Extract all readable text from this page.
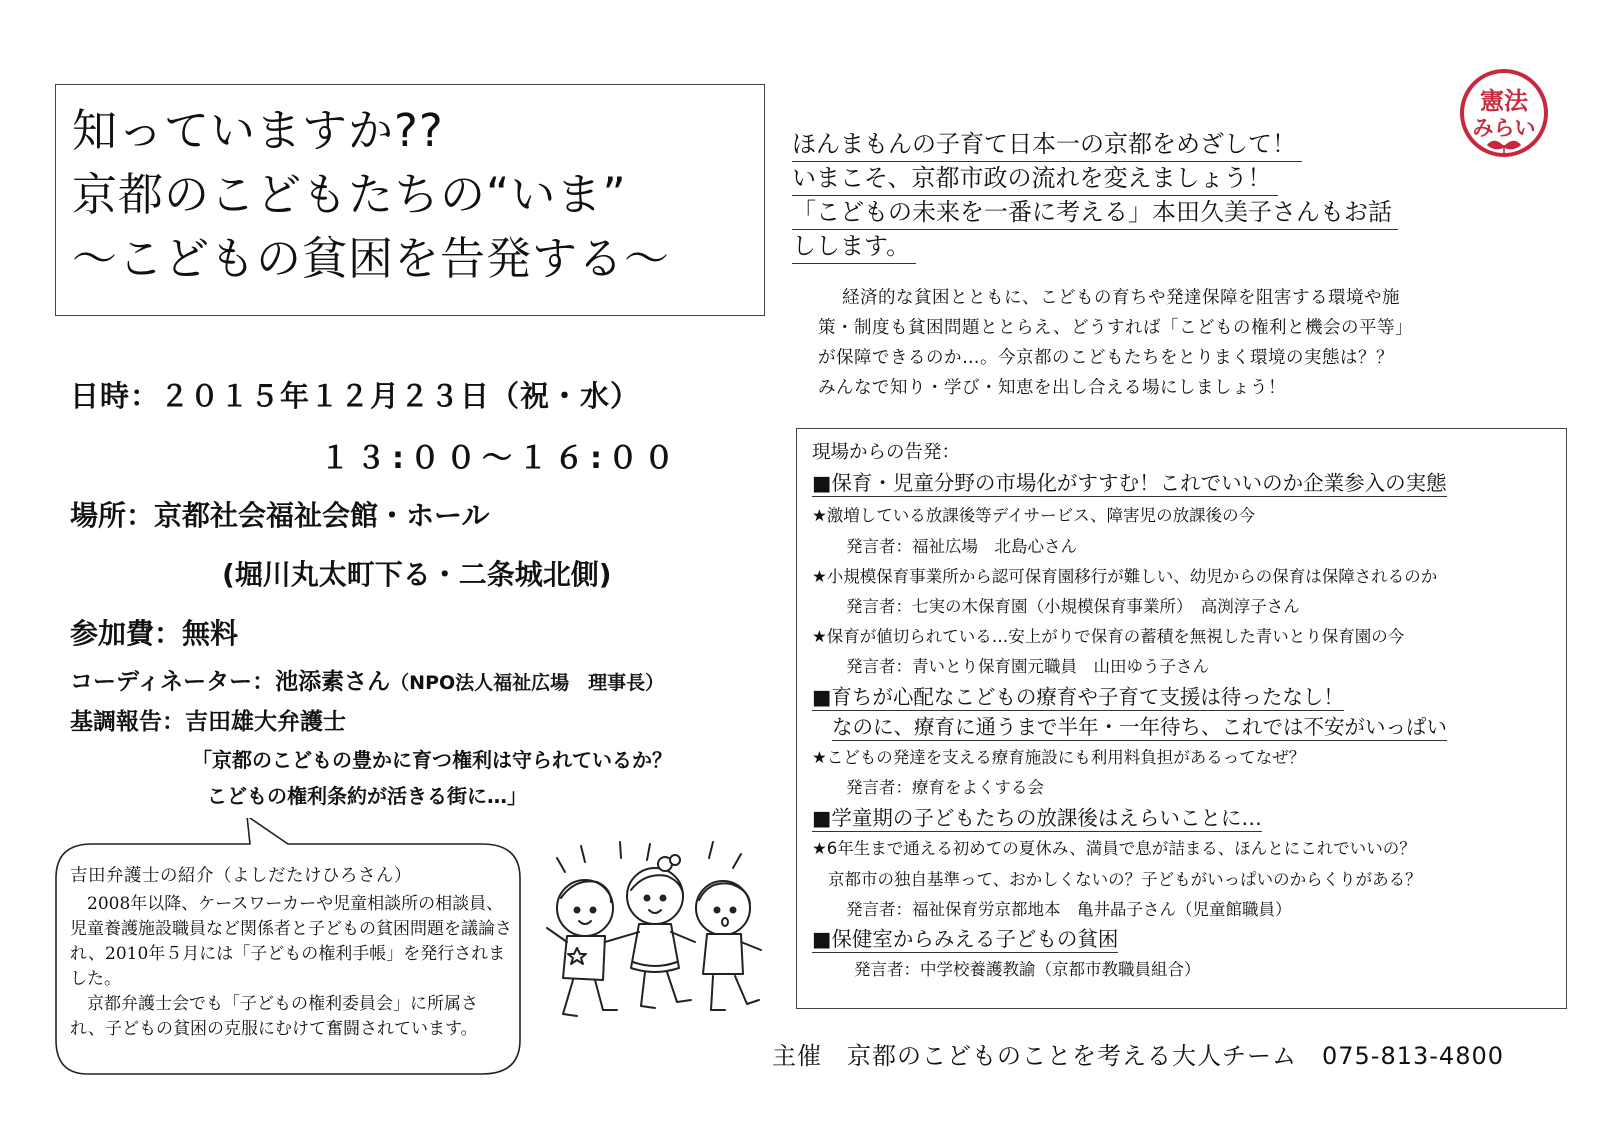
知っていますか??
京都のこどもたちの“いま”
～こどもの貧困を告発する～
日時：２０１５年１２月２３日（祝・水）
１３:００～１６:００
場所：京都社会福祉会館・ホール
(堀川丸太町下る・二条城北側)
参加費：無料
コーディネーター：池添素さん（NPO法人福祉広場　理事長）
基調報告：吉田雄大弁護士
「京都のこどもの豊かに育つ権利は守られているか？
こどもの権利条約が活きる街に…」
吉田弁護士の紹介（よしだたけひろさん）

2008年以降、ケースワーカーや児童相談所の相談員、児童養護施設職員など関係者と子どもの貧困問題を議論され、2010年５月には「子どもの権利手帳」を発行されました。

京都弁護士会でも「子どもの権利委員会」に所属され、子どもの貧困の克服にむけて奮闘されています。

ほんまもんの子育て日本一の京都をめざして！
いまこそ、京都市政の流れを変えましょう！
「こどもの未来を一番に考える」本田久美子さんもお話
しします。
憲法
みらい
経済的な貧困とともに、こどもの育ちや発達保障を阻害する環境や施
策・制度も貧困問題ととらえ、どうすれば「こどもの権利と機会の平等」
が保障できるのか…。今京都のこどもたちをとりまく環境の実態は？？
みんなで知り・学び・知恵を出し合える場にしましょう！
現場からの告発：
■保育・児童分野の市場化がすすむ！これでいいのか企業参入の実態
★激増している放課後等デイサービス、障害児の放課後の今
発言者：福祉広場　北島心さん
★小規模保育事業所から認可保育園移行が難しい、幼児からの保育は保障されるのか
発言者：七実の木保育園（小規模保育事業所）　高渕淳子さん
★保育が値切られている…安上がりで保育の蓄積を無視した青いとり保育園の今
発言者：青いとり保育園元職員　山田ゆう子さん
■育ちが心配なこどもの療育や子育て支援は待ったなし！
なのに、療育に通うまで半年・一年待ち、これでは不安がいっぱい
★こどもの発達を支える療育施設にも利用料負担があるってなぜ？
発言者：療育をよくする会
■学童期の子どもたちの放課後はえらいことに…
★6年生まで通える初めての夏休み、満員で息が詰まる、ほんとにこれでいいの？
京都市の独自基準って、おかしくないの？子どもがいっぱいのからくりがある？
発言者：福祉保育労京都地本　亀井晶子さん（児童館職員）
■保健室からみえる子どもの貧困
発言者：中学校養護教諭（京都市教職員組合）
主催　京都のこどものことを考える大人チーム　075-813-4800
